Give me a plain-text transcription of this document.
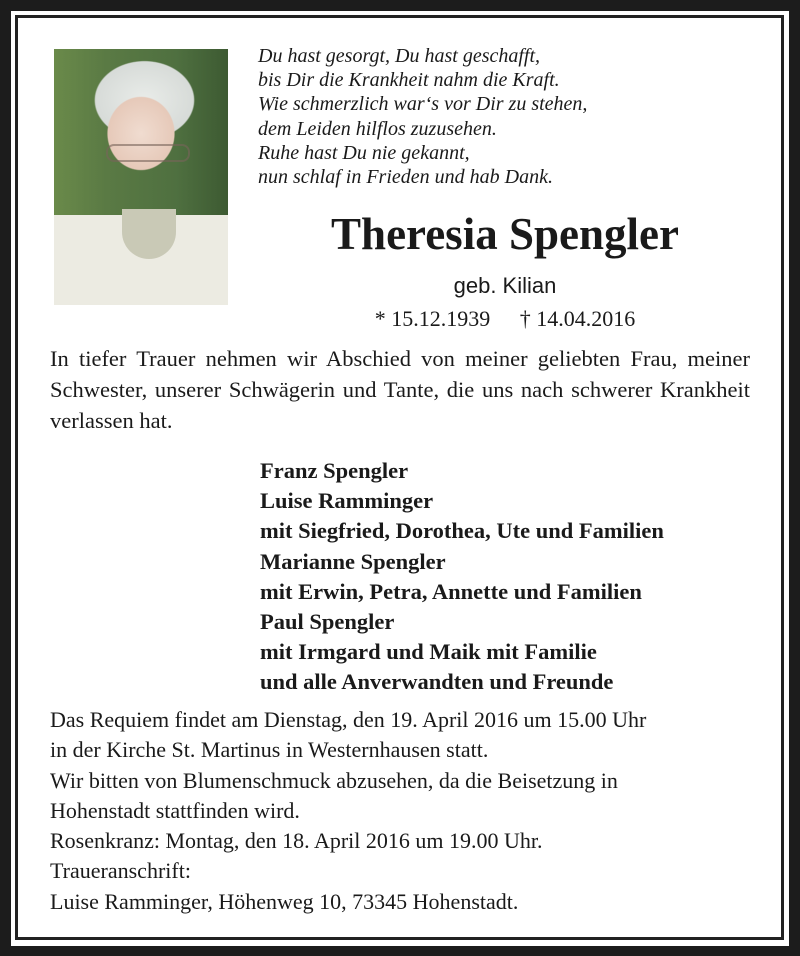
Du hast gesorgt, Du hast geschafft,
bis Dir die Krankheit nahm die Kraft.
Wie schmerzlich war‘s vor Dir zu stehen,
dem Leiden hilflos zuzusehen.
Ruhe hast Du nie gekannt,
nun schlaf in Frieden und hab Dank.
Theresia Spengler
geb. Kilian
* 15.12.1939 † 14.04.2016
In tiefer Trauer nehmen wir Abschied von meiner geliebten Frau, meiner Schwester, unserer Schwägerin und Tante, die uns nach schwerer Krankheit verlassen hat.
Franz Spengler
Luise Ramminger
mit Siegfried, Dorothea, Ute und Familien
Marianne Spengler
mit Erwin, Petra, Annette und Familien
Paul Spengler
mit Irmgard und Maik mit Familie
und alle Anverwandten und Freunde
Das Requiem findet am Dienstag, den 19. April 2016 um 15.00 Uhr
in der Kirche St. Martinus in Westernhausen statt.
Wir bitten von Blumenschmuck abzusehen, da die Beisetzung in
Hohenstadt stattfinden wird.
Rosenkranz: Montag, den 18. April 2016 um 19.00 Uhr.
Traueranschrift:
Luise Ramminger, Höhenweg 10, 73345 Hohenstadt.
